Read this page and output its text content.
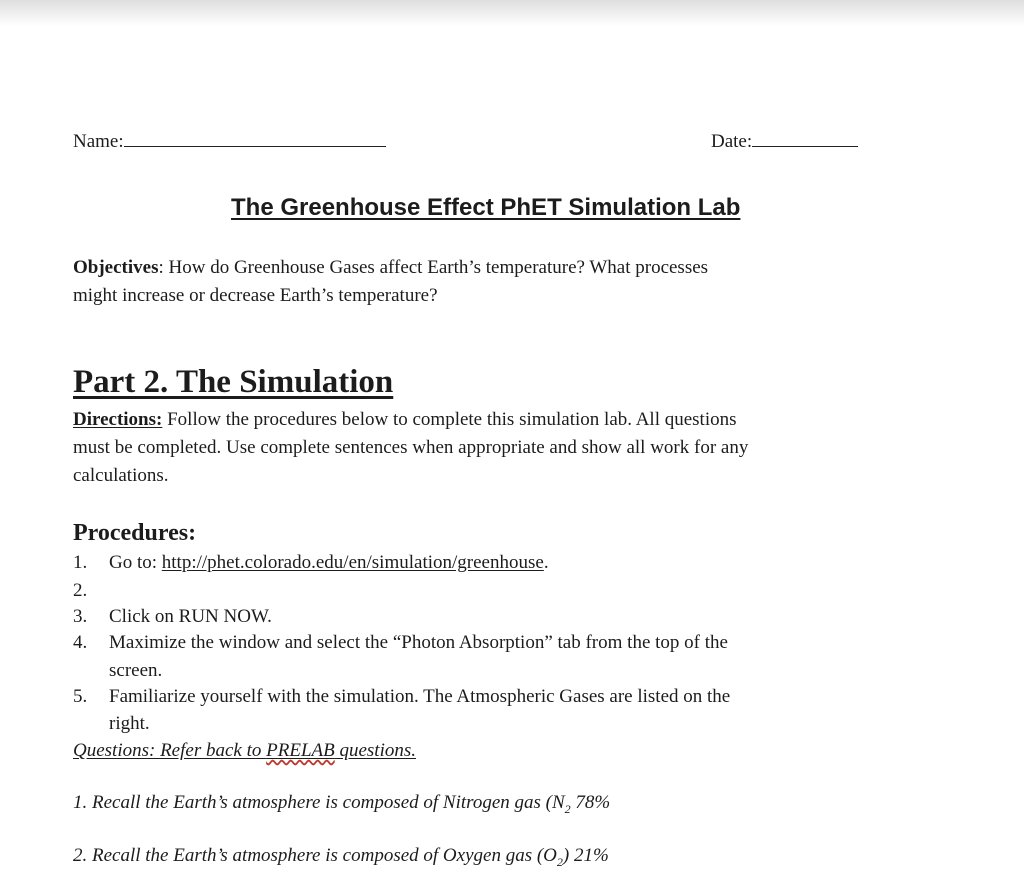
Name:	Date:
The Greenhouse Effect PhET Simulation Lab
Objectives: How do Greenhouse Gases affect Earth’s temperature? What processes
might increase or decrease Earth’s temperature?
Part 2. The Simulation
Directions: Follow the procedures below to complete this simulation lab. All questions
must be completed. Use complete sentences when appropriate and show all work for any
calculations.
Procedures:
1. Go to: http://phet.colorado.edu/en/simulation/greenhouse.
2.
3. Click on RUN NOW.
4. Maximize the window and select the “Photon Absorption” tab from the top of the
screen.
5. Familiarize yourself with the simulation. The Atmospheric Gases are listed on the
right.
Questions: Refer back to PRELAB questions.
1. Recall the Earth’s atmosphere is composed of Nitrogen gas ($N_2$ 78%
2. Recall the Earth’s atmosphere is composed of Oxygen gas $(O_2)$ 21%
